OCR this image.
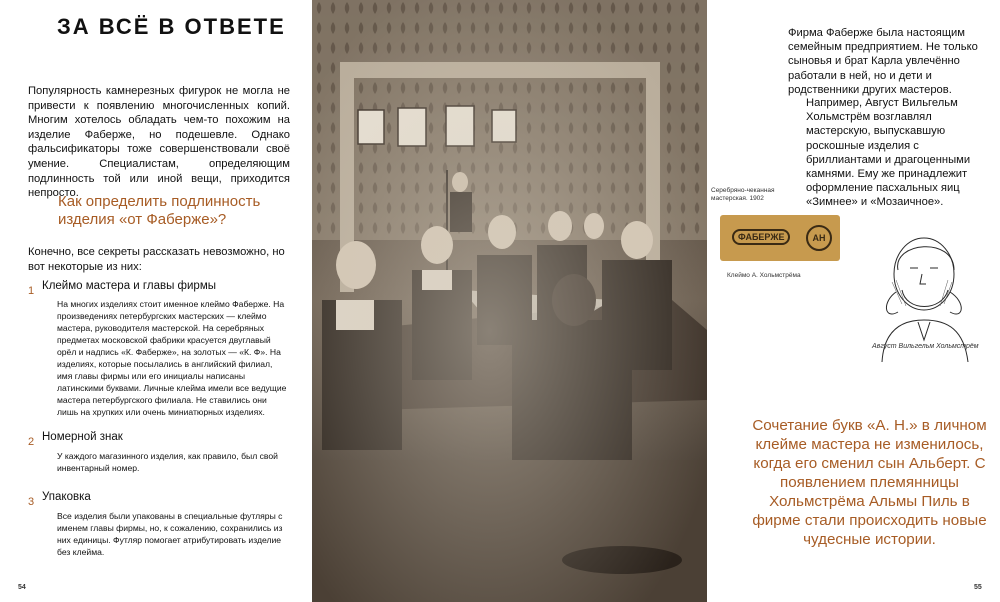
ЗА ВСЁ В ОТВЕТЕ
Популярность камнерезных фигурок не могла не привести к появлению многочисленных копий. Многим хотелось обладать чем-то похожим на изделие Фаберже, но подешевле. Однако фальсификаторы тоже совершенствовали своё умение. Специалистам, определяющим подлинность той или иной вещи, приходится непросто.
Как определить подлинность изделия «от Фаберже»?
Конечно, все секреты рассказать невозможно, но вот некоторые из них:
1 Клеймо мастера и главы фирмы
На многих изделиях стоит именное клеймо Фаберже. На произведениях петербургских мастерских — клеймо мастера, руководителя мастерской. На серебряных предметах московской фабрики красуется двуглавый орёл и надпись «К. Фаберже», на золотых — «К. Ф». На изделиях, которые посылались в английский филиал, имя главы фирмы или его инициалы написаны латинскими буквами. Личные клейма имели все ведущие мастера петербургского филиала. Не ставились они лишь на хрупких или очень миниатюрных изделиях.
2 Номерной знак
У каждого магазинного изделия, как правило, был свой инвентарный номер.
3 Упаковка
Все изделия были упакованы в специальные футляры с именем главы фирмы, но, к сожалению, сохранились из них единицы. Футляр помогает атрибутировать изделие без клейма.
54
Фирма Фаберже была настоящим семейным предприятием. Не только сыновья и брат Карла увлечённо работали в ней, но и дети и родственники других мастеров.
Например, Август Вильгельм Хольмстрём возглавлял мастерскую, выпускавшую роскошные изделия с бриллиантами и драгоценными камнями. Ему же принадлежит оформление пасхальных яиц «Зимнее» и «Мозаичное».
Серебряно-чеканная мастерская. 1902
ФАБЕРЖЕ	АН
Клеймо А. Хольмстрёма
Август Вильгельм Хольмстрём
Сочетание букв «А. Н.» в личном клейме мастера не изменилось, когда его сменил сын Альберт. С появлением племянницы Хольмстрёма Альмы Пиль в фирме стали происходить новые чудесные истории.
55
